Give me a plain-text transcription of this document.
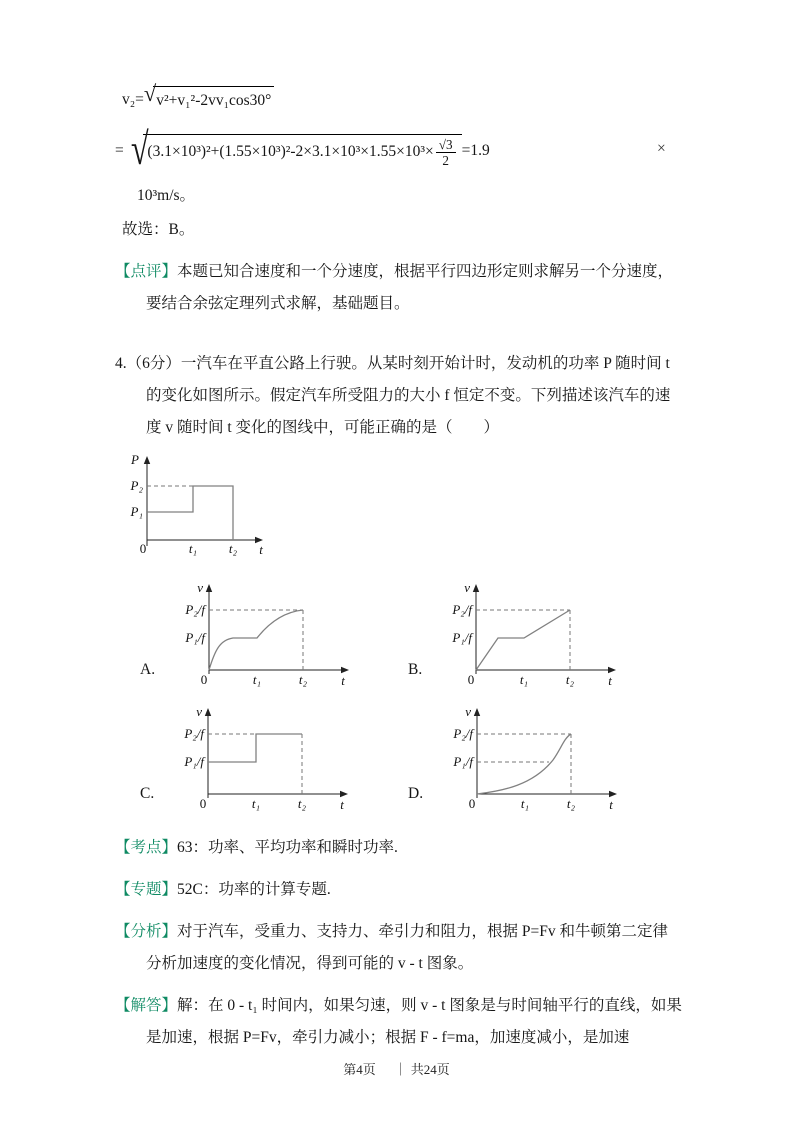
v₂= √ v²+v₁²-2vv₁cos30°
= √ $(3.1\times 10^3)^2+(1.55\times 10^3)^2-2\times 3.1\times 10^3\times 1.55\times 10^3\times \frac{√3}{2} =1.9$	×
10³m/s。

故选：B。

【点评】本题已知合速度和一个分速度，根据平行四边形定则求解另一个分速度，要结合余弦定理列式求解，基础题目。

4.（6分）一汽车在平直公路上行驶。从某时刻开始计时，发动机的功率 P 随时间 t 的变化如图所示。假定汽车所受阻力的大小 f 恒定不变。下列描述该汽车的速度 v 随时间 t 变化的图线中，可能正确的是（　　）

P
P₂
P₁
0	t₁ t₂ t
A.
v
P₂/f
P₁/f
0	t₁	t₂	t
B.
v
P₂/f
P₁/f
0	t₁	t₂	t
C.
v
P₂/f
P₁/f
0	t₁	t₂	t
D.
v
P₂/f
P₁/f
0	t₁	t₂	t

【考点】63：功率、平均功率和瞬时功率.

【专题】52C：功率的计算专题.

【分析】对于汽车，受重力、支持力、牵引力和阻力，根据 P=Fv 和牛顿第二定律分析加速度的变化情况，得到可能的 v - t 图象。

【解答】解：在 0 - t₁ 时间内，如果匀速，则 v - t 图象是与时间轴平行的直线，如果是加速，根据 P=Fv，牵引力减小；根据 F - f=ma，加速度减小，是加速

第4页 ｜ 共24页
